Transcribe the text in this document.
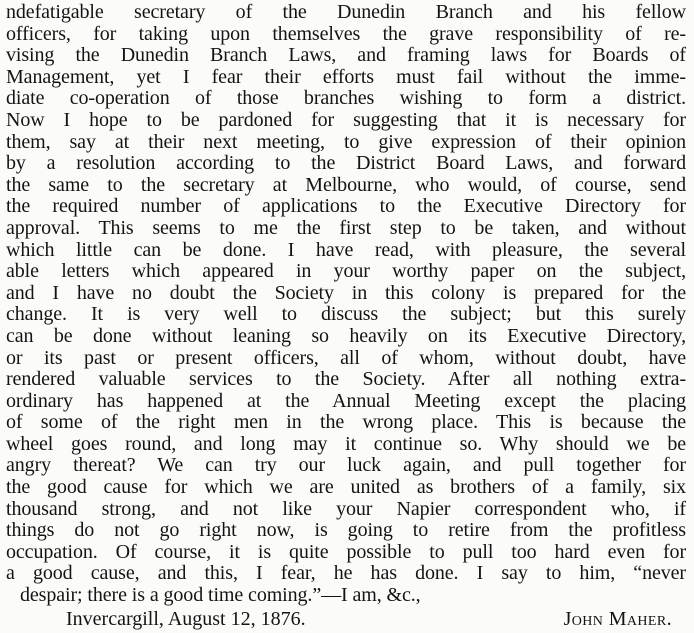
ndefatigable secretary of the Dunedin Branch and his fellow
officers, for taking upon themselves the grave responsibility of re-
vising the Dunedin Branch Laws, and framing laws for Boards of
Management, yet I fear their efforts must fail without the imme-
diate co-operation of those branches wishing to form a district.
Now I hope to be pardoned for suggesting that it is necessary for
them, say at their next meeting, to give expression of their opinion
by a resolution according to the District Board Laws, and forward
the same to the secretary at Melbourne, who would, of course, send
the required number of applications to the Executive Directory for
approval. This seems to me the first step to be taken, and without
which little can be done. I have read, with pleasure, the several
able letters which appeared in your worthy paper on the subject,
and I have no doubt the Society in this colony is prepared for the
change. It is very well to discuss the subject; but this surely
can be done without leaning so heavily on its Executive Directory,
or its past or present officers, all of whom, without doubt, have
rendered valuable services to the Society. After all nothing extra-
ordinary has happened at the Annual Meeting except the placing
of some of the right men in the wrong place. This is because the
wheel goes round, and long may it continue so. Why should we be
angry thereat? We can try our luck again, and pull together for
the good cause for which we are united as brothers of a family, six
thousand strong, and not like your Napier correspondent who, if
things do not go right now, is going to retire from the profitless
occupation. Of course, it is quite possible to pull too hard even for
a good cause, and this, I fear, he has done. I say to him, “never
despair; there is a good time coming.”—I am, &c.,
Invercargill, August 12, 1876.	John Maher.
